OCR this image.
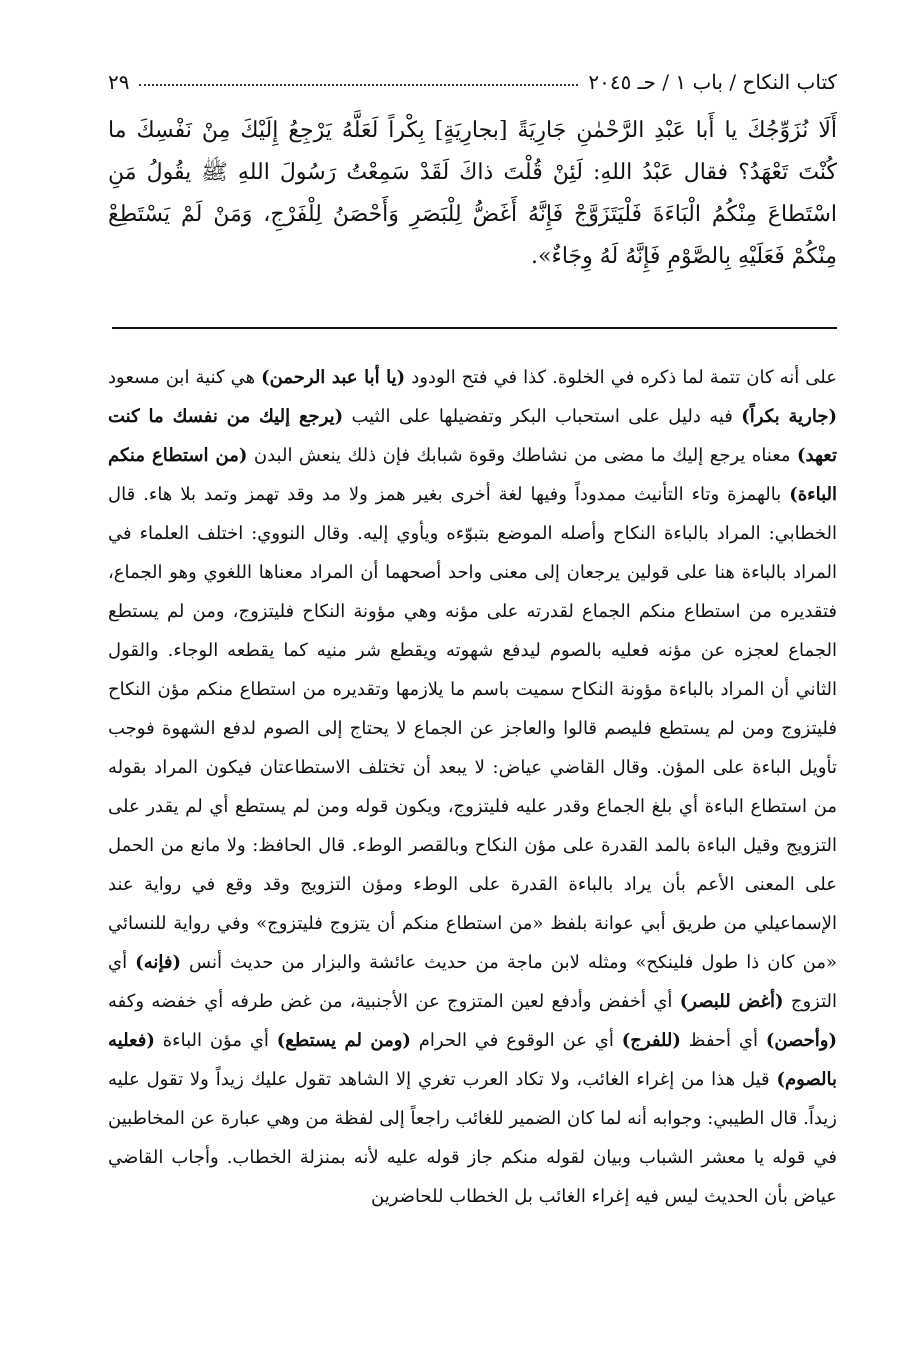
كتاب النكاح / باب ١ / حـ ٢٠٤٥
٢٩

أَلَا نُزَوِّجُكَ يا أَبا عَبْدِ الرَّحْمٰنِ جَارِيَةً [بجارِيَةٍ] بِكْراً لَعَلَّهُ يَرْجِعُ إِلَيْكَ مِنْ نَفْسِكَ ما كُنْتَ تَعْهَدُ؟ فقال عَبْدُ اللهِ: لَئِنْ قُلْتَ ذاكَ لَقَدْ سَمِعْتُ رَسُولَ اللهِ ﷺ يقُولُ مَنِ اسْتَطاعَ مِنْكُمُ الْبَاءَةَ فَلْيَتَزَوَّجْ فَإِنَّهُ أَغَضُّ لِلْبَصَرِ وَأَحْصَنُ لِلْفَرْجِ، وَمَنْ لَمْ يَسْتَطِعْ مِنْكُمْ فَعَلَيْهِ بِالصَّوْمِ فَإِنَّهُ لَهُ وِجَاءٌ».

على أنه كان تتمة لما ذكره في الخلوة. كذا في فتح الودود (يا أبا عبد الرحمن) هي كنية ابن مسعود (جارية بكراً) فيه دليل على استحباب البكر وتفضيلها على الثيب (يرجع إليك من نفسك ما كنت تعهد) معناه يرجع إليك ما مضى من نشاطك وقوة شبابك فإن ذلك ينعش البدن (من استطاع منكم الباءة) بالهمزة وتاء التأنيث ممدوداً وفيها لغة أخرى بغير همز ولا مد وقد تهمز وتمد بلا هاء. قال الخطابي: المراد بالباءة النكاح وأصله الموضع بتبوّءه ويأوي إليه. وقال النووي: اختلف العلماء في المراد بالباءة هنا على قولين يرجعان إلى معنى واحد أصحهما أن المراد معناها اللغوي وهو الجماع، فتقديره من استطاع منكم الجماع لقدرته على مؤنه وهي مؤونة النكاح فليتزوج، ومن لم يستطع الجماع لعجزه عن مؤنه فعليه بالصوم ليدفع شهوته ويقطع شر منيه كما يقطعه الوجاء. والقول الثاني أن المراد بالباءة مؤونة النكاح سميت باسم ما يلازمها وتقديره من استطاع منكم مؤن النكاح فليتزوج ومن لم يستطع فليصم قالوا والعاجز عن الجماع لا يحتاج إلى الصوم لدفع الشهوة فوجب تأويل الباءة على المؤن. وقال القاضي عياض: لا يبعد أن تختلف الاستطاعتان فيكون المراد بقوله من استطاع الباءة أي بلغ الجماع وقدر عليه فليتزوج، ويكون قوله ومن لم يستطع أي لم يقدر على التزويج وقيل الباءة بالمد القدرة على مؤن النكاح وبالقصر الوطء. قال الحافظ: ولا مانع من الحمل على المعنى الأعم بأن يراد بالباءة القدرة على الوطء ومؤن التزويج وقد وقع في رواية عند الإسماعيلي من طريق أبي عوانة بلفظ «من استطاع منكم أن يتزوج فليتزوج» وفي رواية للنسائي «من كان ذا طول فلينكح» ومثله لابن ماجة من حديث عائشة والبزار من حديث أنس (فإنه) أي التزوج (أغض للبصر) أي أخفض وأدفع لعين المتزوج عن الأجنبية، من غض طرفه أي خفضه وكفه (وأحصن) أي أحفظ (للفرج) أي عن الوقوع في الحرام (ومن لم يستطع) أي مؤن الباءة (فعليه بالصوم) قيل هذا من إغراء الغائب، ولا تكاد العرب تغري إلا الشاهد تقول عليك زيداً ولا تقول عليه زيداً. قال الطيبي: وجوابه أنه لما كان الضمير للغائب راجعاً إلى لفظة من وهي عبارة عن المخاطبين في قوله يا معشر الشباب وبيان لقوله منكم جاز قوله عليه لأنه بمنزلة الخطاب. وأجاب القاضي عياض بأن الحديث ليس فيه إغراء الغائب بل الخطاب للحاضرين
